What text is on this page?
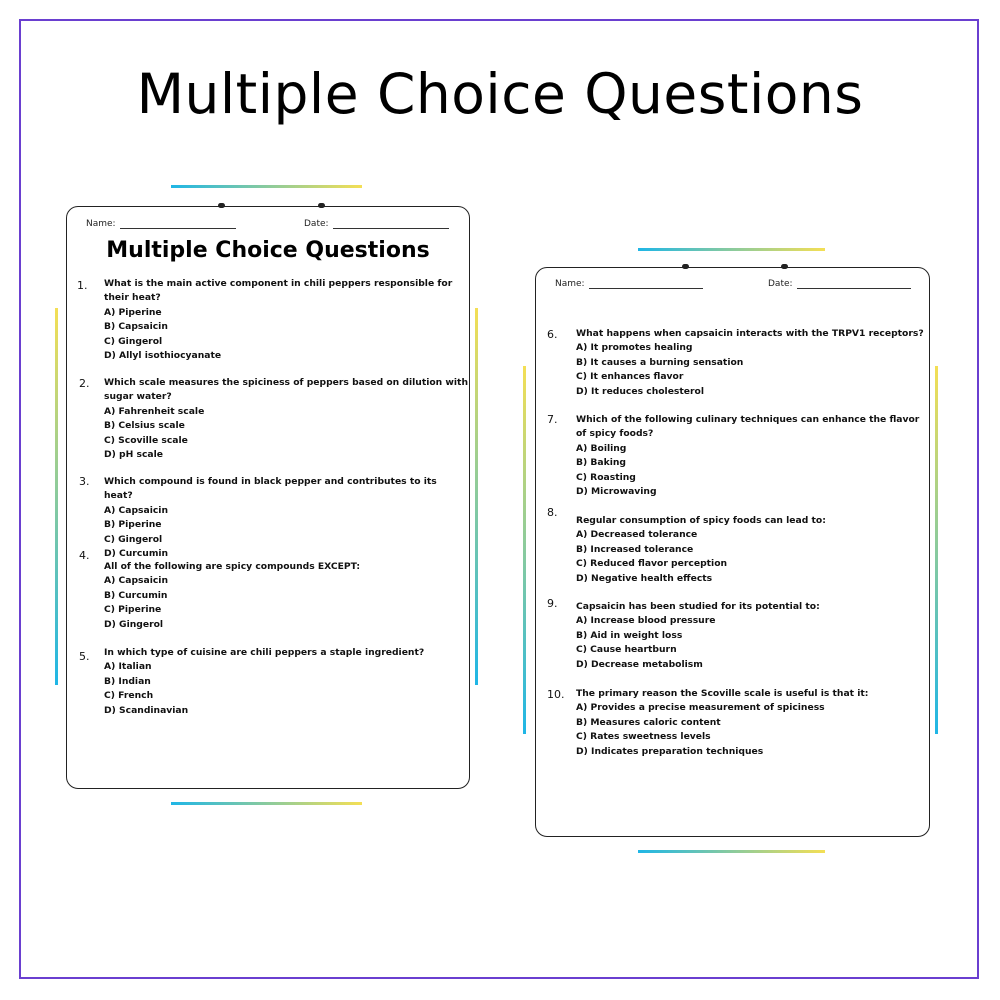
Multiple Choice Questions
Name:	Date:
Multiple Choice Questions
1. What is the main active component in chili peppers responsible for their heat?
A) Piperine
B) Capsaicin
C) Gingerol
D) Allyl isothiocyanate
2. Which scale measures the spiciness of peppers based on dilution with sugar water?
A) Fahrenheit scale
B) Celsius scale
C) Scoville scale
D) pH scale
3. Which compound is found in black pepper and contributes to its heat?
A) Capsaicin
B) Piperine
C) Gingerol
D) Curcumin
4.
All of the following are spicy compounds EXCEPT:
A) Capsaicin
B) Curcumin
C) Piperine
D) Gingerol
5. In which type of cuisine are chili peppers a staple ingredient?
A) Italian
B) Indian
C) French
D) Scandinavian
Name:	Date:
6. What happens when capsaicin interacts with the TRPV1 receptors?
A) It promotes healing
B) It causes a burning sensation
C) It enhances flavor
D) It reduces cholesterol
7. Which of the following culinary techniques can enhance the flavor of spicy foods?
A) Boiling
B) Baking
C) Roasting
D) Microwaving
8.
Regular consumption of spicy foods can lead to:
A) Decreased tolerance
B) Increased tolerance
C) Reduced flavor perception
D) Negative health effects
9. Capsaicin has been studied for its potential to:
A) Increase blood pressure
B) Aid in weight loss
C) Cause heartburn
D) Decrease metabolism
10. The primary reason the Scoville scale is useful is that it:
A) Provides a precise measurement of spiciness
B) Measures caloric content
C) Rates sweetness levels
D) Indicates preparation techniques
